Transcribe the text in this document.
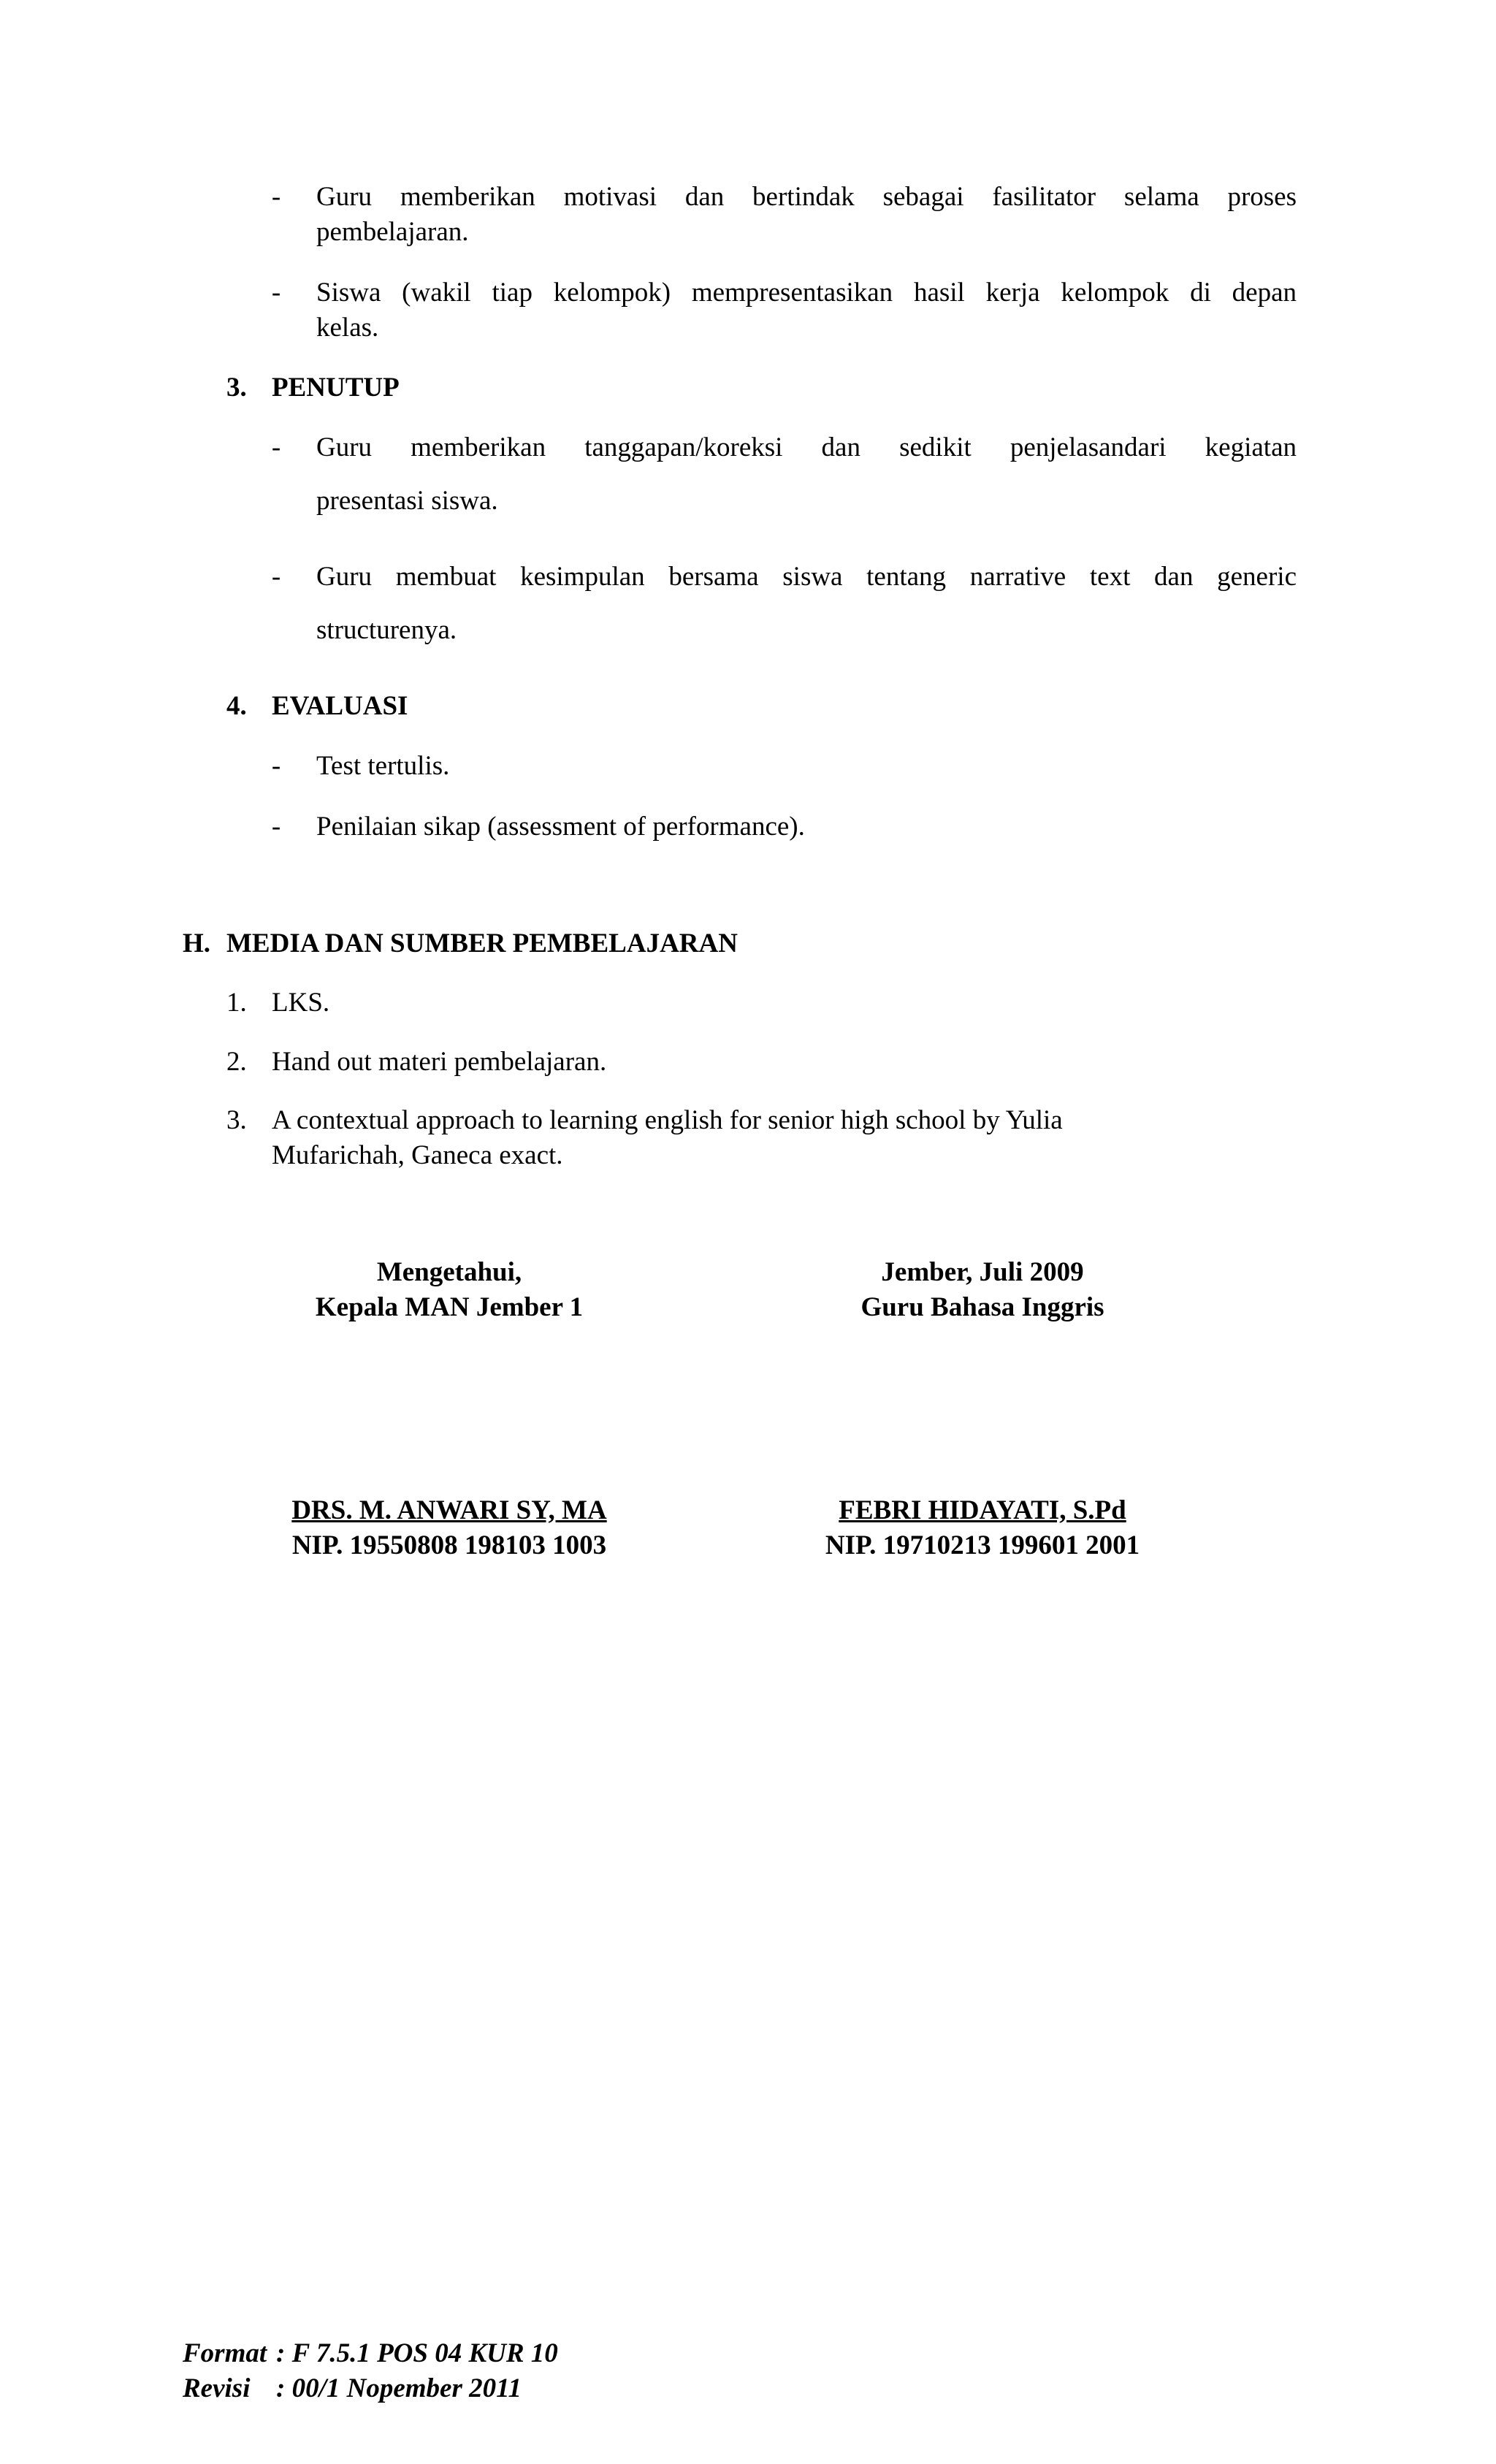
- Guru memberikan motivasi dan bertindak sebagai fasilitator selama proses
pembelajaran.
- Siswa (wakil tiap kelompok) mempresentasikan hasil kerja kelompok di depan
kelas.
3. PENUTUP
- Guru memberikan tanggapan/koreksi dan sedikit penjelasandari kegiatan
presentasi siswa.
- Guru membuat kesimpulan bersama siswa tentang narrative text dan generic
structurenya.
4. EVALUASI
- Test tertulis.
- Penilaian sikap (assessment of performance).
H. MEDIA DAN SUMBER PEMBELAJARAN
1. LKS.
2. Hand out materi pembelajaran.
3. A contextual approach to learning english for senior high school by Yulia
Mufarichah, Ganeca exact.
Mengetahui,
Kepala MAN Jember 1
DRS. M. ANWARI SY, MA
NIP. 19550808 198103 1003
Jember, Juli 2009
Guru Bahasa Inggris
FEBRI HIDAYATI, S.Pd
NIP. 19710213 199601 2001
Format : F 7.5.1 POS 04 KUR 10
Revisi : 00/1 Nopember 2011
